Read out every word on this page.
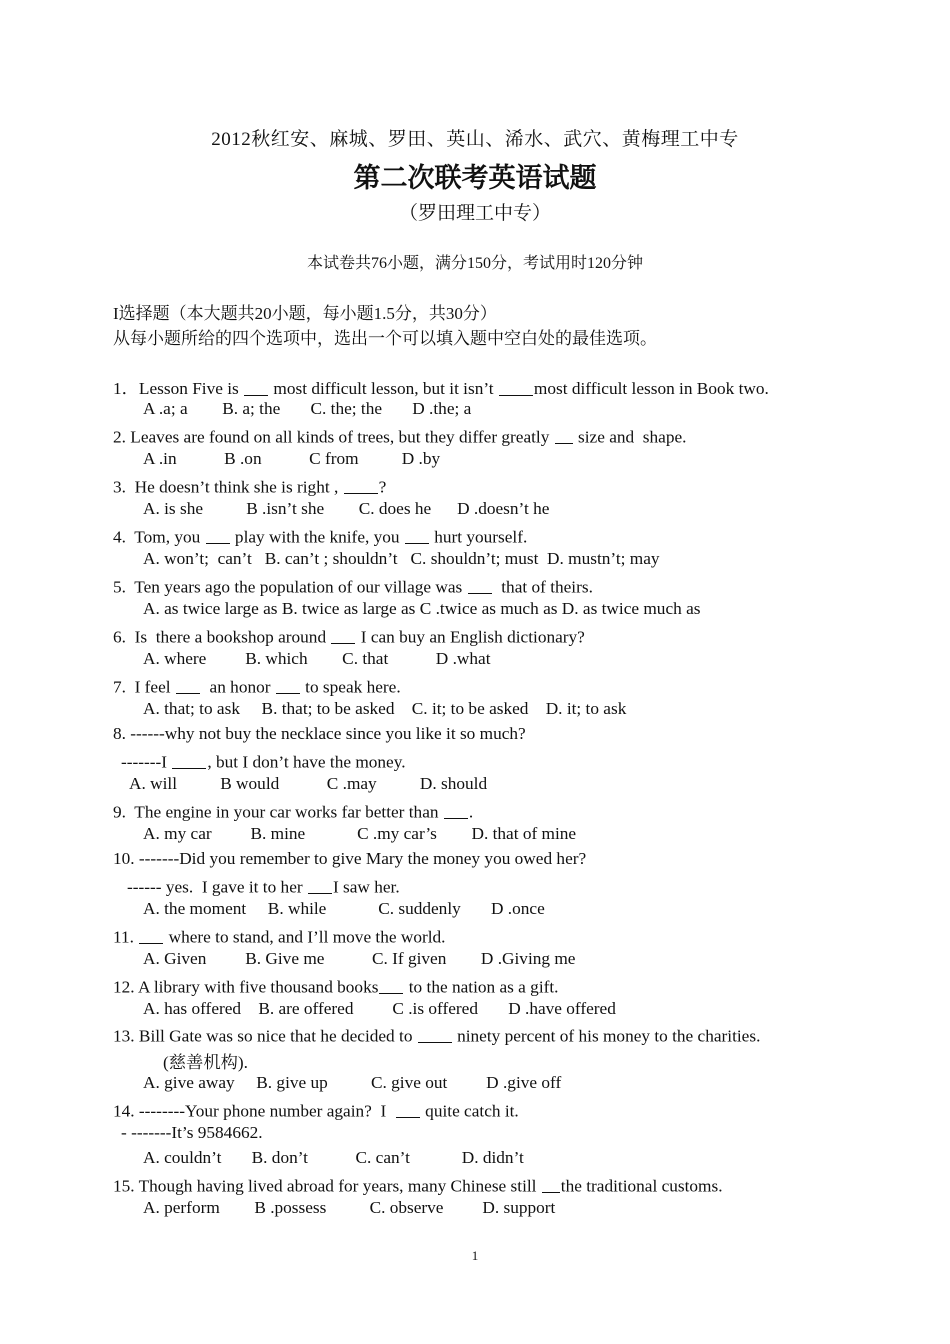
2012秋红安、麻城、罗田、英山、浠水、武穴、黄梅理工中专
第二次联考英语试题
（罗田理工中专）
本试卷共76小题，满分150分，考试用时120分钟
I选择题（本大题共20小题，每小题1.5分，共30分）
从每小题所给的四个选项中，选出一个可以填入题中空白处的最佳选项。
1．Lesson Five is  most difficult lesson, but it isn’t most difficult lesson in Book two.
A .a; a        B. a; the       C. the; the       D .the; a
2. Leaves are found on all kinds of trees, but they differ greatly  size and  shape.
A .in           B .on           C from          D .by
3.  He doesn’t think she is right , ?
A. is she          B .isn’t she        C. does he      D .doesn’t he
4.  Tom, you  play with the knife, you  hurt yourself.
A. won’t;  can’t   B. can’t ; shouldn’t   C. shouldn’t; must  D. mustn’t; may
5.  Ten years ago the population of our village was   that of theirs.
A. as twice large as B. twice as large as C .twice as much as D. as twice much as
6.  Is  there a bookshop around  I can buy an English dictionary?
A. where         B. which        C. that           D .what
7.  I feel   an honor  to speak here.
A. that; to ask     B. that; to be asked    C. it; to be asked    D. it; to ask
8. ------why not buy the necklace since you like it so much?
-------I , but I don’t have the money.
A. will          B would           C .may          D. should
9.  The engine in your car works far better than .
A. my car         B. mine            C .my car’s        D. that of mine
10. -------Did you remember to give Mary the money you owed her?
------ yes.  I gave it to her I saw her.
A. the moment     B. while            C. suddenly       D .once
11.  where to stand, and I’ll move the world.
A. Given         B. Give me           C. If given        D .Giving me
12. A library with five thousand books to the nation as a gift.
A. has offered    B. are offered         C .is offered       D .have offered
13. Bill Gate was so nice that he decided to  ninety percent of his money to the charities.
(慈善机构).
A. give away     B. give up          C. give out         D .give off
14. --------Your phone number again?  I   quite catch it.
- -------It’s 9584662.
A. couldn’t       B. don’t           C. can’t            D. didn’t
15. Though having lived abroad for years, many Chinese still the traditional customs.
A. perform        B .possess          C. observe         D. support
1
